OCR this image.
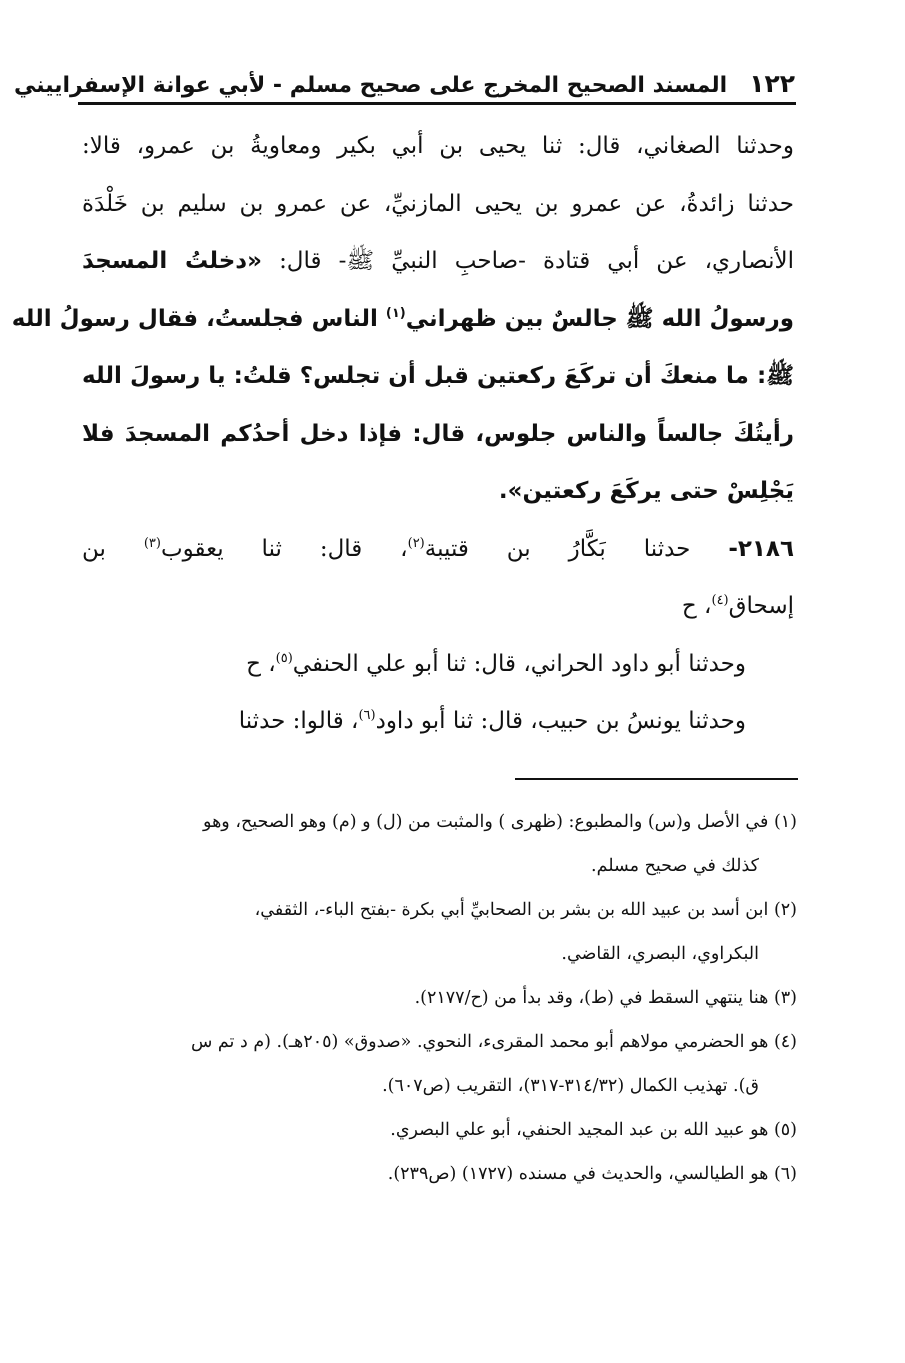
١٢٢
المسند الصحيح المخرج على صحيح مسلم - لأبي عوانة الإسفراييني
وحدثنا الصغاني، قال: ثنا يحيى بن أبي بكير ومعاويةُ بن عمرو، قالا:
حدثنا زائدةُ، عن عمرو بن يحيى المازنيِّ، عن عمرو بن سليم بن خَلْدَة
الأنصاري، عن أبي قتادة -صاحبِ النبيِّ ﷺ- قال: «دخلتُ المسجدَ
ورسولُ الله ﷺ جالسٌ بين ظهراني$^{(١)}$ الناس فجلستُ، فقال رسولُ الله
ﷺ: ما منعكَ أن تركَعَ ركعتين قبل أن تجلس؟ قلتُ: يا رسولَ الله
رأيتُكَ جالساً والناس جلوس، قال: فإذا دخل أحدُكم المسجدَ فلا
يَجْلِسْ حتى يركَعَ ركعتين».
٢١٨٦- حدثنا بَكَّارُ بن قتيبة$^{(٢)}$، قال: ثنا يعقوب$^{(٣)}$ بن
إسحاق$^{(٤)}$، ح
وحدثنا أبو داود الحراني، قال: ثنا أبو علي الحنفي$^{(٥)}$، ح
وحدثنا يونسُ بن حبيب، قال: ثنا أبو داود$^{(٦)}$، قالوا: حدثنا
(١) في الأصل و(س) والمطبوع: (ظهرى ) والمثبت من (ل) و (م) وهو الصحيح، وهو
كذلك في صحيح مسلم.
(٢) ابن أسد بن عبيد الله بن بشر بن الصحابيِّ أبي بكرة -بفتح الباء-، الثقفي،
البكراوي، البصري، القاضي.
(٣) هنا ينتهي السقط في (ط)، وقد بدأ من (ح/٢١٧٧).
(٤) هو الحضرمي مولاهم أبو محمد المقرىء، النحوي. «صدوق» (٢٠٥هـ). (م د تم س
ق). تهذيب الكمال (٣١٤/٣٢-٣١٧)، التقريب (ص٦٠٧).
(٥) هو عبيد الله بن عبد المجيد الحنفي، أبو علي البصري.
(٦) هو الطيالسي، والحديث في مسنده (١٧٢٧) (ص٢٣٩).
